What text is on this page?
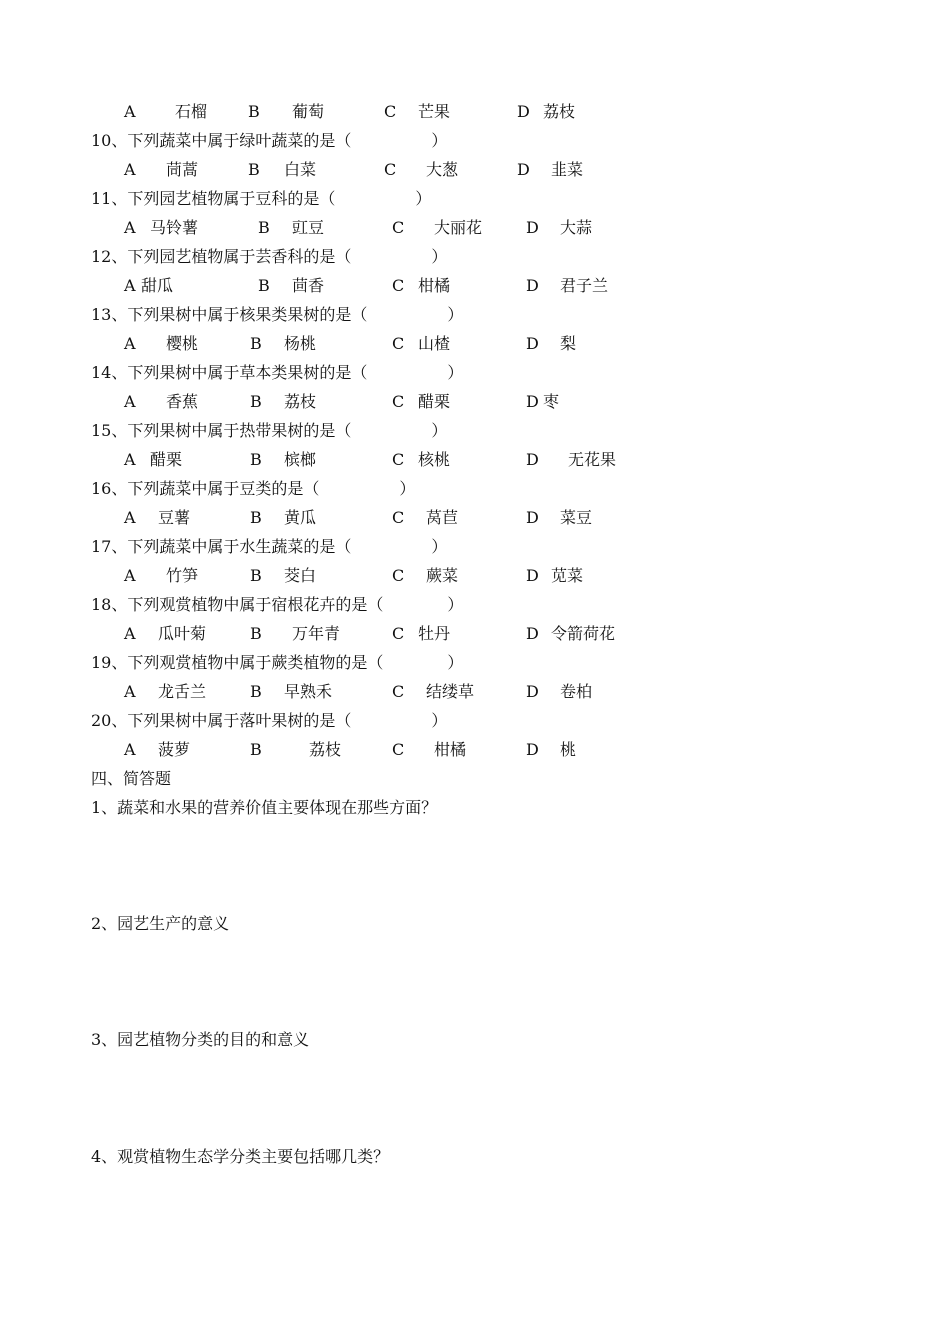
A 石榴	B 葡萄	C 芒果	D 荔枝
10、下列蔬菜中属于绿叶蔬菜的是（　　　　　）
A 茼蒿	B 白菜	C 大葱	D 韭菜
11、下列园艺植物属于豆科的是（　　　　　）
A 马铃薯	B 豇豆	C 大丽花	D 大蒜
12、下列园艺植物属于芸香科的是（　　　　　）
A 甜瓜	B 茴香	C 柑橘	D 君子兰
13、下列果树中属于核果类果树的是（　　　　　）
A 樱桃	B 杨桃	C 山楂	D 梨
14、下列果树中属于草本类果树的是（　　　　　）
A 香蕉	B 荔枝	C 醋栗	D 枣
15、下列果树中属于热带果树的是（　　　　　）
A 醋栗	B 槟榔	C 核桃	D 无花果
16、下列蔬菜中属于豆类的是（　　　　　）
A 豆薯	B 黄瓜	C 莴苣	D 菜豆
17、下列蔬菜中属于水生蔬菜的是（　　　　　）
A 竹笋	B 茭白	C 蕨菜	D 苋菜
18、下列观赏植物中属于宿根花卉的是（　　　　）
A 瓜叶菊	B 万年青	C 牡丹	D 令箭荷花
19、下列观赏植物中属于蕨类植物的是（　　　　）
A 龙舌兰	B 早熟禾	C 结缕草	D 卷柏
20、下列果树中属于落叶果树的是（　　　　　）
A 菠萝	B	荔枝	C 柑橘	D 桃
四、简答题
1、蔬菜和水果的营养价值主要体现在那些方面？
2、园艺生产的意义
3、园艺植物分类的目的和意义
4、观赏植物生态学分类主要包括哪几类？
